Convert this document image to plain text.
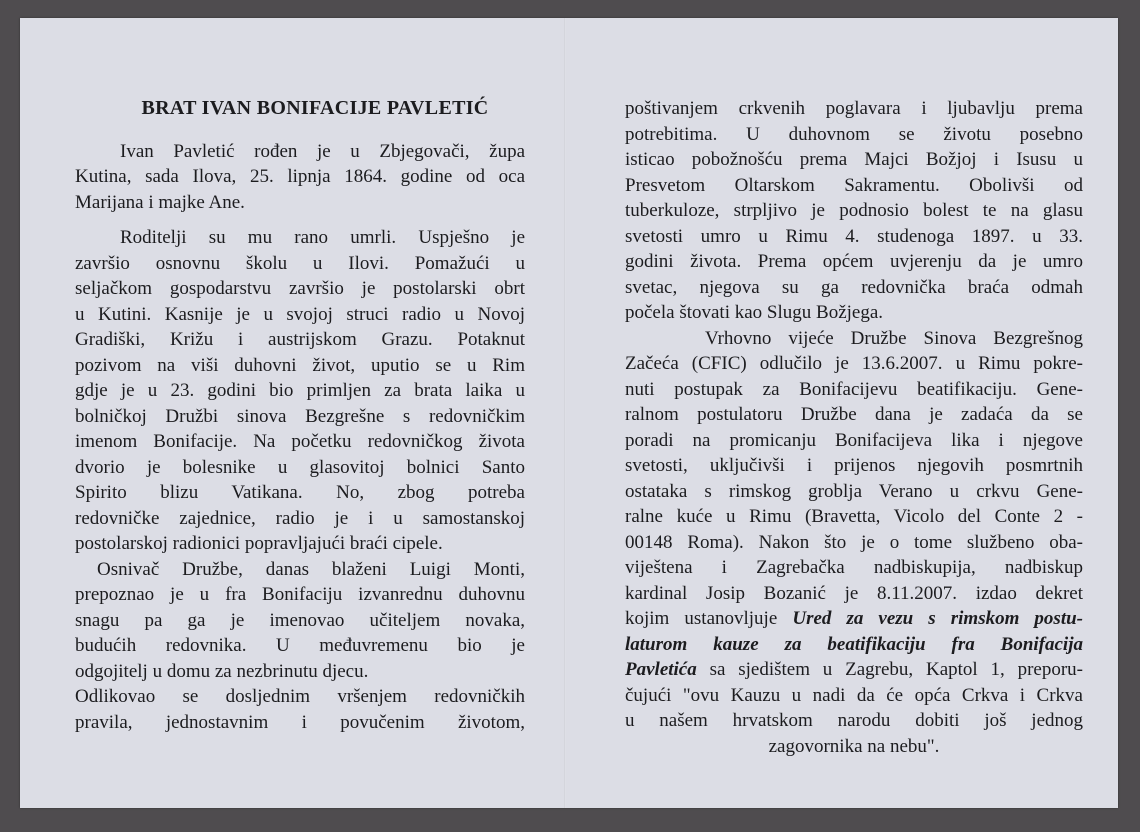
BRAT IVAN BONIFACIJE PAVLETIĆ
Ivan Pavletić rođen je u Zbjegovači, župa
Kutina, sada Ilova, 25. lipnja 1864. godine od oca
Marijana i majke Ane.
Roditelji su mu rano umrli. Uspješno je
završio osnovnu školu u Ilovi. Pomažući u
seljačkom gospodarstvu završio je postolarski obrt
u Kutini. Kasnije je u svojoj struci radio u Novoj
Gradiški, Križu i austrijskom Grazu. Potaknut
pozivom na viši duhovni život, uputio se u Rim
gdje je u 23. godini bio primljen za brata laika u
bolničkoj Družbi sinova Bezgrešne s redovničkim
imenom Bonifacije. Na početku redovničkog života
dvorio je bolesnike u glasovitoj bolnici Santo
Spirito blizu Vatikana. No, zbog potreba
redovničke zajednice, radio je i u samostanskoj
postolarskoj radionici popravljajući braći cipele.
Osnivač Družbe, danas blaženi Luigi Monti,
prepoznao je u fra Bonifaciju izvanrednu duhovnu
snagu pa ga je imenovao učiteljem novaka,
budućih redovnika. U međuvremenu bio je
odgojitelj u domu za nezbrinutu djecu.
Odlikovao se dosljednim vršenjem redovničkih
pravila, jednostavnim i povučenim životom,
poštivanjem crkvenih poglavara i ljubavlju prema
potrebitima. U duhovnom se životu posebno
isticao pobožnošću prema Majci Božjoj i Isusu u
Presvetom Oltarskom Sakramentu. Obolivši od
tuberkuloze, strpljivo je podnosio bolest te na glasu
svetosti umro u Rimu 4. studenoga 1897. u 33.
godini života. Prema općem uvjerenju da je umro
svetac, njegova su ga redovnička braća odmah
počela štovati kao Slugu Božjega.
Vrhovno vijeće Družbe Sinova Bezgrešnog
Začeća (CFIC) odlučilo je 13.6.2007. u Rimu pokre-
nuti postupak za Bonifacijevu beatifikaciju. Gene-
ralnom postulatoru Družbe dana je zadaća da se
poradi na promicanju Bonifacijeva lika i njegove
svetosti, uključivši i prijenos njegovih posmrtnih
ostataka s rimskog groblja Verano u crkvu Gene-
ralne kuće u Rimu (Bravetta, Vicolo del Conte 2 -
00148 Roma). Nakon što je o tome službeno oba-
viještena i Zagrebačka nadbiskupija, nadbiskup
kardinal Josip Bozanić je 8.11.2007. izdao dekret
kojim ustanovljuje Ured za vezu s rimskom postu-
laturom kauze za beatifikaciju fra Bonifacija
Pavletića sa sjedištem u Zagrebu, Kaptol 1, preporu-
čujući "ovu Kauzu u nadi da će opća Crkva i Crkva
u našem hrvatskom narodu dobiti još jednog
zagovornika na nebu".
